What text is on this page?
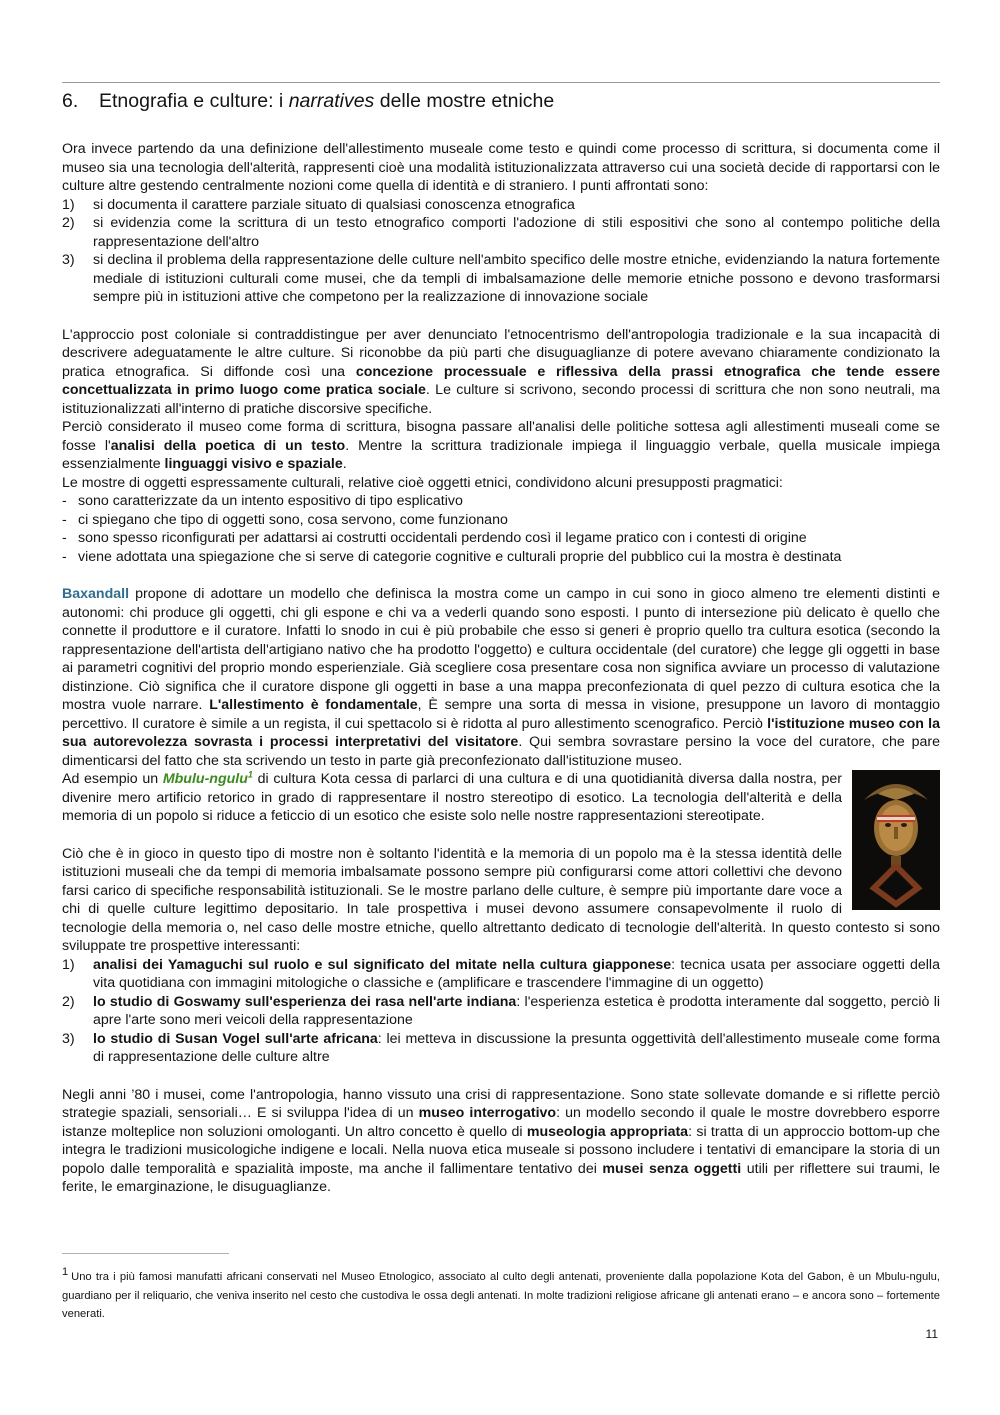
6. Etnografia e culture: i narratives delle mostre etniche

Ora invece partendo da una definizione dell'allestimento museale come testo e quindi come processo di scrittura, si documenta come il museo sia una tecnologia dell'alterità, rappresenti cioè una modalità istituzionalizzata attraverso cui una società decide di rapportarsi con le culture altre gestendo centralmente nozioni come quella di identità e di straniero. I punti affrontati sono:

1)	si documenta il carattere parziale situato di qualsiasi conoscenza etnografica
2)	si evidenzia come la scrittura di un testo etnografico comporti l'adozione di stili espositivi che sono al contempo politiche della rappresentazione dell'altro
3)	si declina il problema della rappresentazione delle culture nell'ambito specifico delle mostre etniche, evidenziando la natura fortemente mediale di istituzioni culturali come musei, che da templi di imbalsamazione delle memorie etniche possono e devono trasformarsi sempre più in istituzioni attive che competono per la realizzazione di innovazione sociale

L'approccio post coloniale si contraddistingue per aver denunciato l'etnocentrismo dell'antropologia tradizionale e la sua incapacità di descrivere adeguatamente le altre culture. Si riconobbe da più parti che disuguaglianze di potere avevano chiaramente condizionato la pratica etnografica. Si diffonde così una concezione processuale e riflessiva della prassi etnografica che tende essere concettualizzata in primo luogo come pratica sociale. Le culture si scrivono, secondo processi di scrittura che non sono neutrali, ma istituzionalizzati all'interno di pratiche discorsive specifiche.

Perciò considerato il museo come forma di scrittura, bisogna passare all'analisi delle politiche sottesa agli allestimenti museali come se fosse l'analisi della poetica di un testo. Mentre la scrittura tradizionale impiega il linguaggio verbale, quella musicale impiega essenzialmente linguaggi visivo e spaziale.

Le mostre di oggetti espressamente culturali, relative cioè oggetti etnici, condividono alcuni presupposti pragmatici:

- sono caratterizzate da un intento espositivo di tipo esplicativo
- ci spiegano che tipo di oggetti sono, cosa servono, come funzionano
- sono spesso riconfigurati per adattarsi ai costrutti occidentali perdendo così il legame pratico con i contesti di origine
- viene adottata una spiegazione che si serve di categorie cognitive e culturali proprie del pubblico cui la mostra è destinata

Baxandall propone di adottare un modello che definisca la mostra come un campo in cui sono in gioco almeno tre elementi distinti e autonomi: chi produce gli oggetti, chi gli espone e chi va a vederli quando sono esposti. I punto di intersezione più delicato è quello che connette il produttore e il curatore. Infatti lo snodo in cui è più probabile che esso si generi è proprio quello tra cultura esotica (secondo la rappresentazione dell'artista dell'artigiano nativo che ha prodotto l'oggetto) e cultura occidentale (del curatore) che legge gli oggetti in base ai parametri cognitivi del proprio mondo esperienziale. Già scegliere cosa presentare cosa non significa avviare un processo di valutazione distinzione. Ciò significa che il curatore dispone gli oggetti in base a una mappa preconfezionata di quel pezzo di cultura esotica che la mostra vuole narrare. L'allestimento è fondamentale, È sempre una sorta di messa in visione, presuppone un lavoro di montaggio percettivo. Il curatore è simile a un regista, il cui spettacolo si è ridotta al puro allestimento scenografico. Perciò l'istituzione museo con la sua autorevolezza sovrasta i processi interpretativi del visitatore. Qui sembra sovrastare persino la voce del curatore, che pare dimenticarsi del fatto che sta scrivendo un testo in parte già preconfezionato dall'istituzione museo.

Ad esempio un Mbulu-ngulu$^1$ di cultura Kota cessa di parlarci di una cultura e di una quotidianità diversa dalla nostra, per divenire mero artificio retorico in grado di rappresentare il nostro stereotipo di esotico. La tecnologia dell'alterità e della memoria di un popolo si riduce a feticcio di un esotico che esiste solo nelle nostre rappresentazioni stereotipate.

Ciò che è in gioco in questo tipo di mostre non è soltanto l'identità e la memoria di un popolo ma è la stessa identità delle istituzioni museali che da tempi di memoria imbalsamate possono sempre più configurarsi come attori collettivi che devono farsi carico di specifiche responsabilità istituzionali. Se le mostre parlano delle culture, è sempre più importante dare voce a chi di quelle culture legittimo depositario. In tale prospettiva i musei devono assumere consapevolmente il ruolo di tecnologie della memoria o, nel caso delle mostre etniche, quello altrettanto dedicato di tecnologie dell'alterità. In questo contesto si sono sviluppate tre prospettive interessanti:

1)	analisi dei Yamaguchi sul ruolo e sul significato del mitate nella cultura giapponese: tecnica usata per associare oggetti della vita quotidiana con immagini mitologiche o classiche e (amplificare e trascendere l'immagine di un oggetto)
2)	lo studio di Goswamy sull'esperienza dei rasa nell'arte indiana: l'esperienza estetica è prodotta interamente dal soggetto, perciò li apre l'arte sono meri veicoli della rappresentazione
3)	lo studio di Susan Vogel sull'arte africana: lei metteva in discussione la presunta oggettività dell'allestimento museale come forma di rappresentazione delle culture altre

Negli anni ’80 i musei, come l'antropologia, hanno vissuto una crisi di rappresentazione. Sono state sollevate domande e si riflette perciò strategie spaziali, sensoriali… E si sviluppa l'idea di un museo interrogativo: un modello secondo il quale le mostre dovrebbero esporre istanze molteplice non soluzioni omologanti. Un altro concetto è quello di museologia appropriata: si tratta di un approccio bottom-up che integra le tradizioni musicologiche indigene e locali. Nella nuova etica museale si possono includere i tentativi di emancipare la storia di un popolo dalle temporalità e spazialità imposte, ma anche il fallimentare tentativo dei musei senza oggetti utili per riflettere sui traumi, le ferite, le emarginazione, le disuguaglianze.

1 Uno tra i più famosi manufatti africani conservati nel Museo Etnologico, associato al culto degli antenati, proveniente dalla popolazione Kota del Gabon, è un Mbulu-ngulu, guardiano per il reliquario, che veniva inserito nel cesto che custodiva le ossa degli antenati. In molte tradizioni religiose africane gli antenati erano – e ancora sono – fortemente venerati.
11
